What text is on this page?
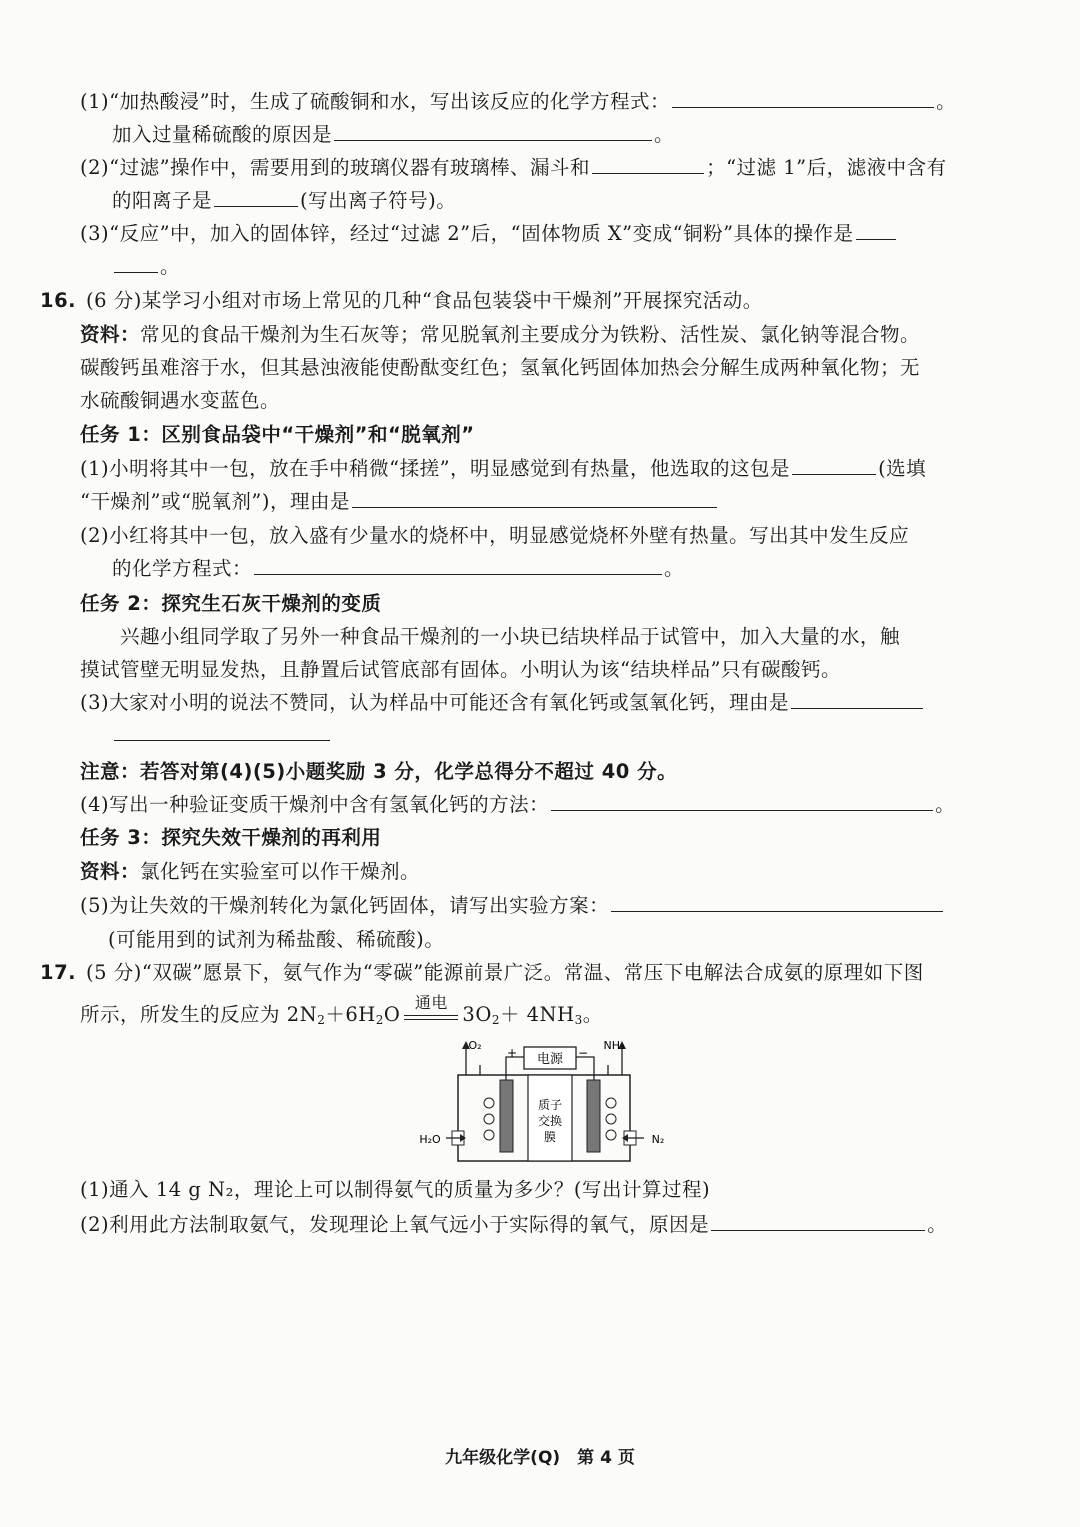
(1)“加热酸浸”时，生成了硫酸铜和水，写出该反应的化学方程式：	。
加入过量稀硫酸的原因是	。
(2)“过滤”操作中，需要用到的玻璃仪器有玻璃棒、漏斗和	；“过滤 1”后，滤液中含有
的阳离子是	(写出离子符号)。
(3)“反应”中，加入的固体锌，经过“过滤 2”后，“固体物质 X”变成“铜粉”具体的操作是
。
16. (6 分)某学习小组对市场上常见的几种“食品包装袋中干燥剂”开展探究活动。
资料：常见的食品干燥剂为生石灰等；常见脱氧剂主要成分为铁粉、活性炭、氯化钠等混合物。
碳酸钙虽难溶于水，但其悬浊液能使酚酞变红色；氢氧化钙固体加热会分解生成两种氧化物；无
水硫酸铜遇水变蓝色。
任务 1：区别食品袋中“干燥剂”和“脱氧剂”
(1)小明将其中一包，放在手中稍微“揉搓”，明显感觉到有热量，他选取的这包是	(选填
“干燥剂”或“脱氧剂”)，理由是
(2)小红将其中一包，放入盛有少量水的烧杯中，明显感觉烧杯外壁有热量。写出其中发生反应
的化学方程式：	。
任务 2：探究生石灰干燥剂的变质
兴趣小组同学取了另外一种食品干燥剂的一小块已结块样品于试管中，加入大量的水，触
摸试管壁无明显发热，且静置后试管底部有固体。小明认为该“结块样品”只有碳酸钙。
(3)大家对小明的说法不赞同，认为样品中可能还含有氧化钙或氢氧化钙，理由是
注意：若答对第(4)(5)小题奖励 3 分，化学总得分不超过 40 分。
(4)写出一种验证变质干燥剂中含有氢氧化钙的方法：	。
任务 3：探究失效干燥剂的再利用
资料：氯化钙在实验室可以作干燥剂。
(5)为让失效的干燥剂转化为氯化钙固体，请写出实验方案：
(可能用到的试剂为稀盐酸、稀硫酸)。
17. (5 分)“双碳”愿景下，氨气作为“零碳”能源前景广泛。常温、常压下电解法合成氨的原理如下图
所示，所发生的反应为 $2N_2+6H_2O$
通电
$3O_2+ 4NH_3$。
质子
交换
膜
电源
+	−
O₂	NH₃
H₂O	N₂
(1)通入 14 g N₂，理论上可以制得氨气的质量为多少？(写出计算过程)
(2)利用此方法制取氨气，发现理论上氧气远小于实际得的氧气，原因是	。
九年级化学(Q)　第 4 页
